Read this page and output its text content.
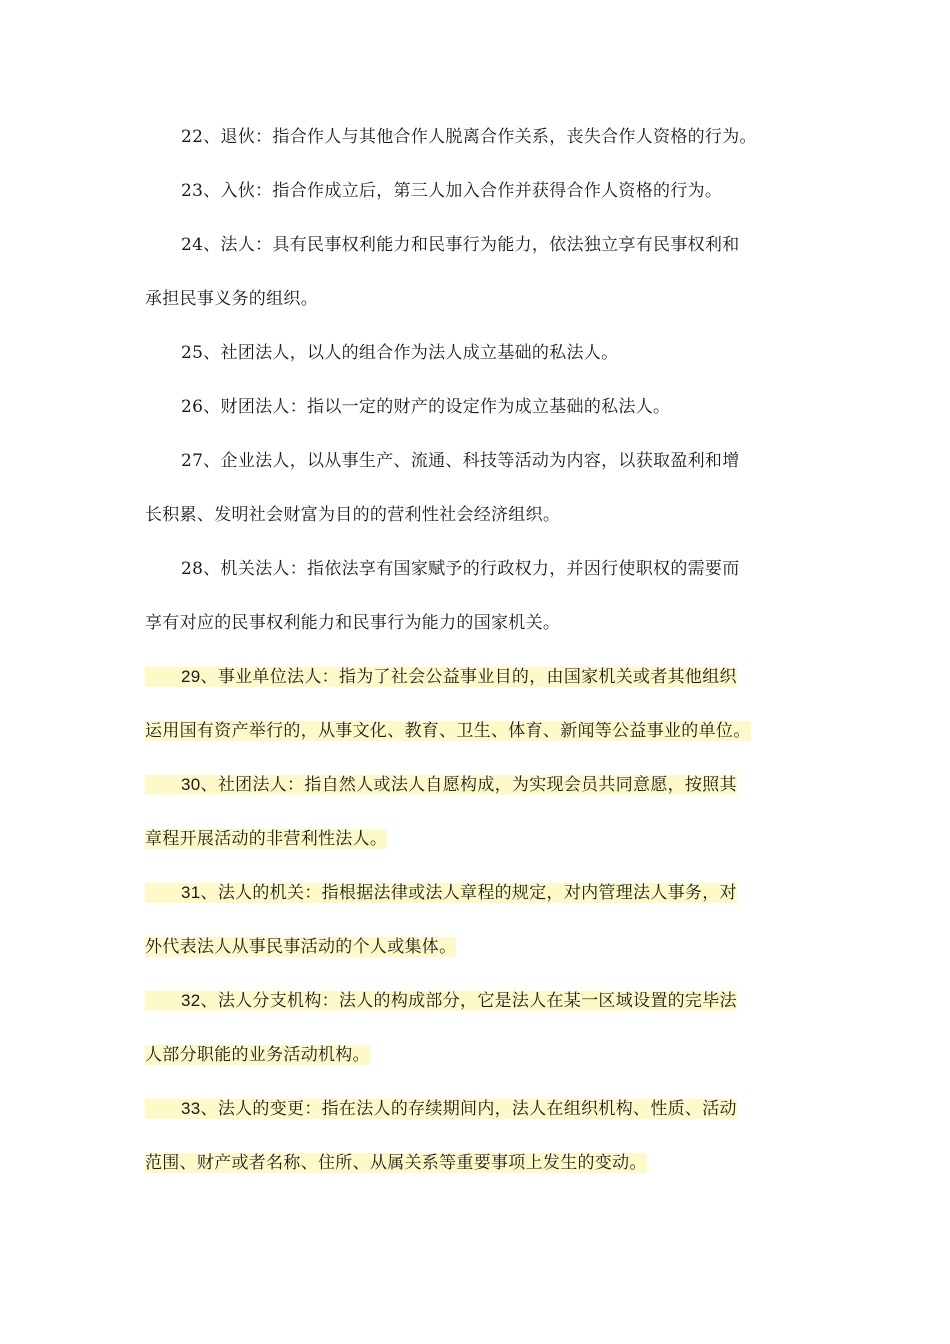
22、退伙：指合作人与其他合作人脱离合作关系，丧失合作人资格的行为。
23、入伙：指合作成立后，第三人加入合作并获得合作人资格的行为。
24、法人：具有民事权利能力和民事行为能力，依法独立享有民事权利和
承担民事义务的组织。
25、社团法人，以人的组合作为法人成立基础的私法人。
26、财团法人：指以一定的财产的设定作为成立基础的私法人。
27、企业法人，以从事生产、流通、科技等活动为内容，以获取盈利和增
长积累、发明社会财富为目的的营利性社会经济组织。
28、机关法人：指依法享有国家赋予的行政权力，并因行使职权的需要而
享有对应的民事权利能力和民事行为能力的国家机关。
29、事业单位法人：指为了社会公益事业目的，由国家机关或者其他组织
运用国有资产举行的，从事文化、教育、卫生、体育、新闻等公益事业的单位。
30、社团法人：指自然人或法人自愿构成，为实现会员共同意愿，按照其
章程开展活动的非营利性法人。
31、法人的机关：指根据法律或法人章程的规定，对内管理法人事务，对
外代表法人从事民事活动的个人或集体。
32、法人分支机构：法人的构成部分，它是法人在某一区域设置的完毕法
人部分职能的业务活动机构。
33、法人的变更：指在法人的存续期间内，法人在组织机构、性质、活动
范围、财产或者名称、住所、从属关系等重要事项上发生的变动。
